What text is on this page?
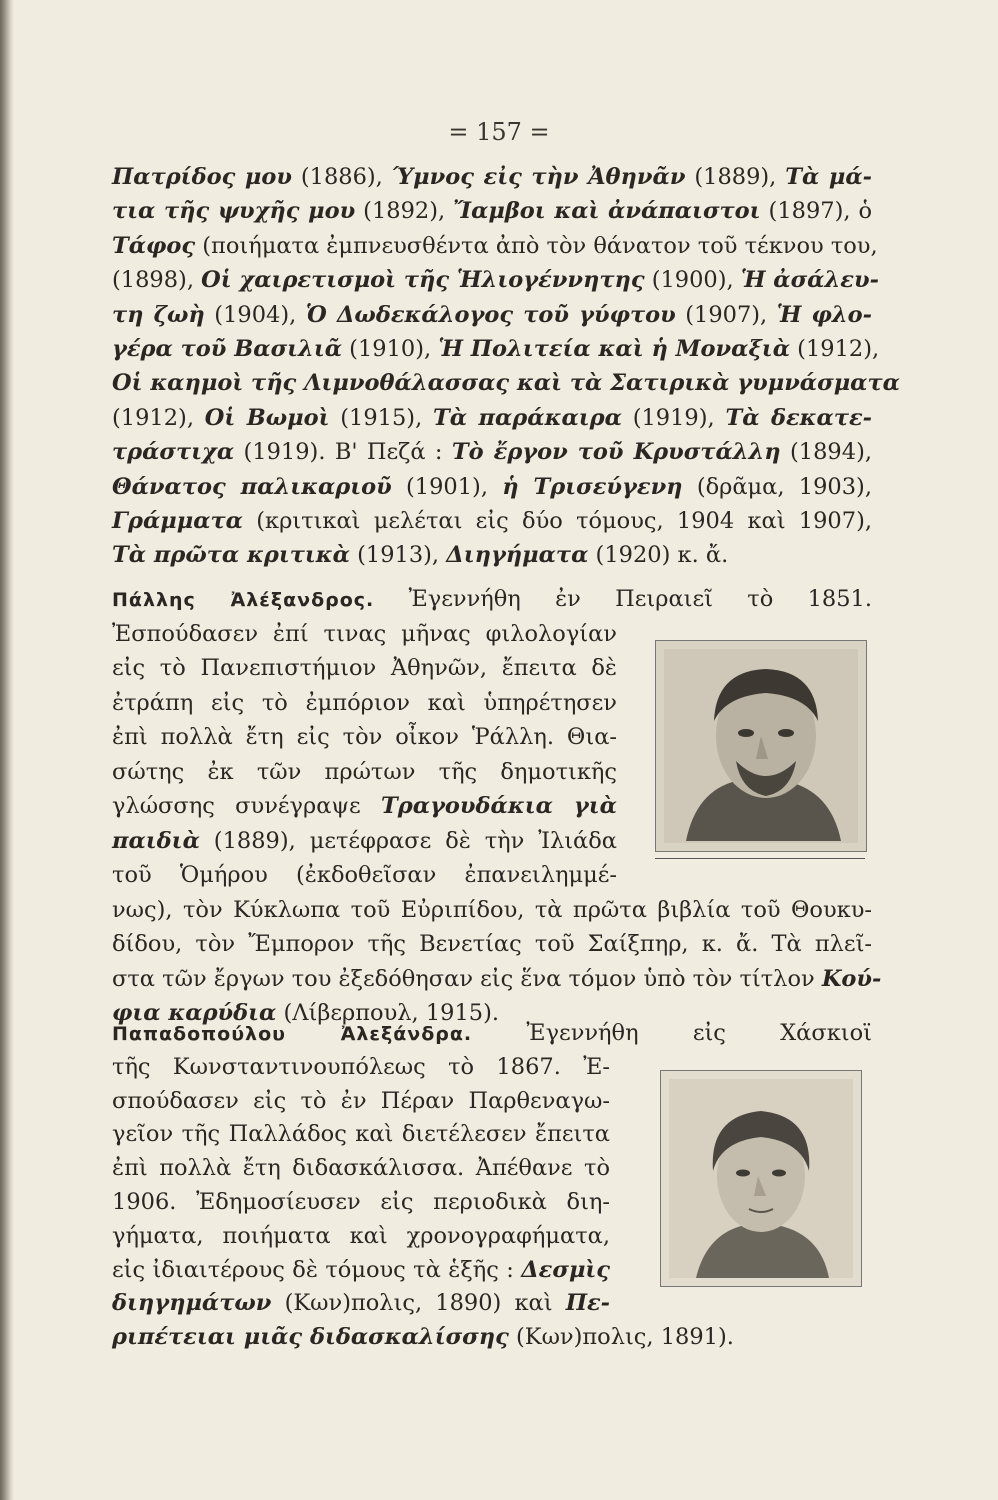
= 157 =
Πατρίδος μου (1886), Ύμνος εἰς τὴν Ἀθηνᾶν (1889), Τὰ μά-
τια τῆς ψυχῆς μου (1892), Ἴαμβοι καὶ ἀνάπαιστοι (1897), ὁ
Τάφος (ποιήματα ἐμπνευσθέντα ἀπὸ τὸν θάνατον τοῦ τέκνου του,
(1898), Οἱ χαιρετισμοὶ τῆς Ἡλιογέννητης (1900), Ἡ ἀσάλευ-
τη ζωὴ (1904), Ὁ Δωδεκάλογος τοῦ γύφτου (1907), Ἡ φλο-
γέρα τοῦ Βασιλιᾶ (1910), Ἡ Πολιτεία καὶ ἡ Μοναξιὰ (1912),
Οἱ καημοὶ τῆς Λιμνοθάλασσας καὶ τὰ Σατιρικὰ γυμνάσματα
(1912), Οἱ Βωμοὶ (1915), Τὰ παράκαιρα (1919), Τὰ δεκατε-
τράστιχα (1919). Β' Πεζά : Τὸ ἔργον τοῦ Κρυστάλλη (1894),
Θάνατος παλικαριοῦ (1901), ἡ Τρισεύγενη (δρᾶμα, 1903),
Γράμματα (κριτικαὶ μελέται εἰς δύο τόμους, 1904 καὶ 1907),
Τὰ πρῶτα κριτικὰ (1913), Διηγήματα (1920) κ. ἄ.
Πάλλης Ἀλέξανδρος. Ἐγεννήθη ἐν Πειραιεῖ τὸ 1851.
Ἐσπούδασεν ἐπί τινας μῆνας φιλολογίαν
εἰς τὸ Πανεπιστήμιον Ἀθηνῶν, ἔπειτα δὲ
ἐτράπη εἰς τὸ ἐμπόριον καὶ ὑπηρέτησεν
ἐπὶ πολλὰ ἔτη εἰς τὸν οἶκον Ῥάλλη. Θια-
σώτης ἐκ τῶν πρώτων τῆς δημοτικῆς
γλώσσης συνέγραψε Τραγουδάκια γιὰ
παιδιὰ (1889), μετέφρασε δὲ τὴν Ἰλιάδα
τοῦ Ὁμήρου (ἐκδοθεῖσαν ἐπανειλημμέ-
νως), τὸν Κύκλωπα τοῦ Εὐριπίδου, τὰ πρῶτα βιβλία τοῦ Θουκυ-
δίδου, τὸν Ἔμπορον τῆς Βενετίας τοῦ Σαίξπηρ, κ. ἄ. Τὰ πλεῖ-
στα τῶν ἔργων του ἐξεδόθησαν εἰς ἕνα τόμον ὑπὸ τὸν τίτλον Κού-
φια καρύδια (Λίβερπουλ, 1915).
Παπαδοπούλου Ἀλεξάνδρα. Ἐγεννήθη εἰς Χάσκιοϊ
τῆς Κωνσταντινουπόλεως τὸ 1867. Ἐ-
σπούδασεν εἰς τὸ ἐν Πέραν Παρθεναγω-
γεῖον τῆς Παλλάδος καὶ διετέλεσεν ἔπειτα
ἐπὶ πολλὰ ἔτη διδασκάλισσα. Ἀπέθανε τὸ
1906. Ἐδημοσίευσεν εἰς περιοδικὰ διη-
γήματα, ποιήματα καὶ χρονογραφήματα,
εἰς ἰδιαιτέρους δὲ τόμους τὰ ἑξῆς : Δεσμὶς
διηγημάτων (Κων)πολις, 1890) καὶ Πε-
ριπέτειαι μιᾶς διδασκαλίσσης (Κων)πολις, 1891).
